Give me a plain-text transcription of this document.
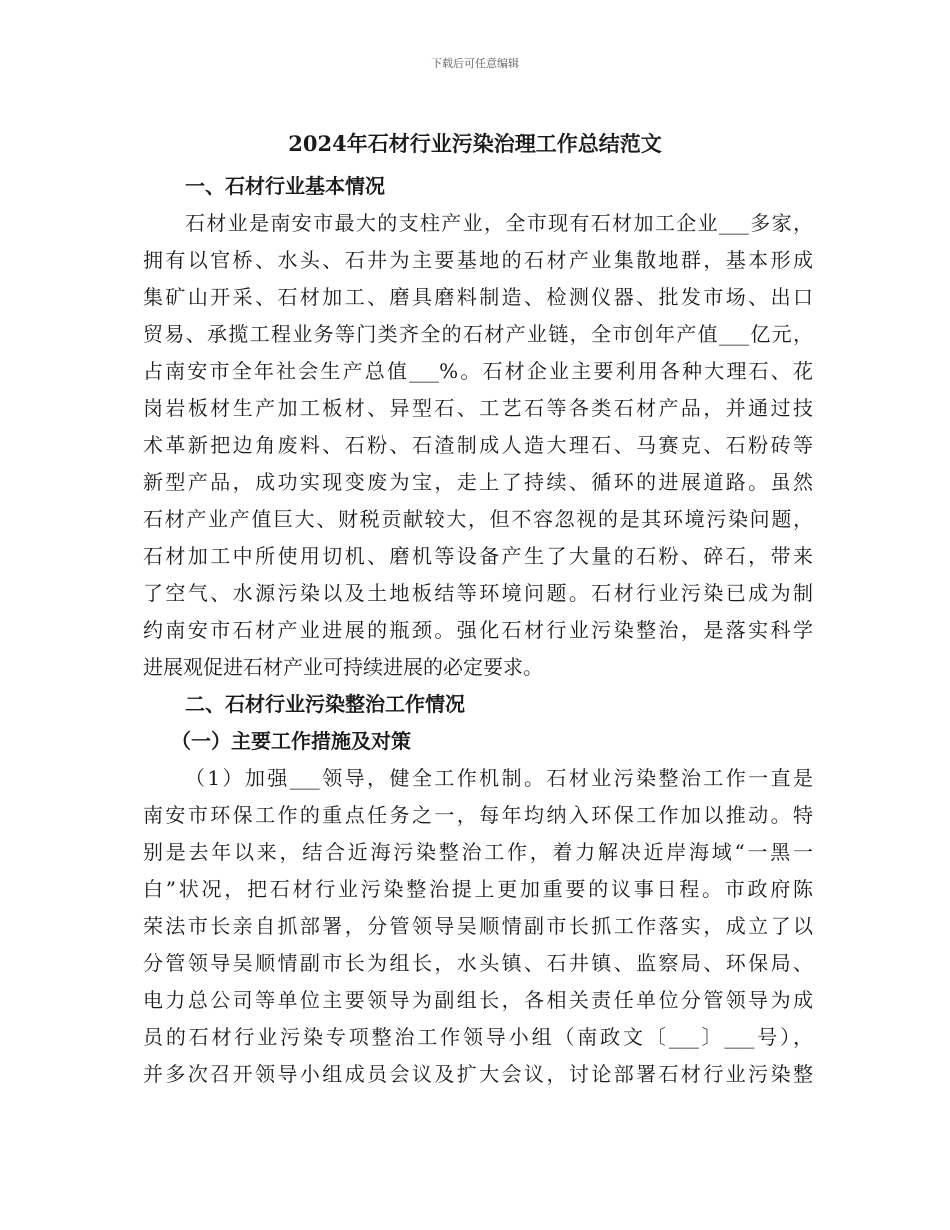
下载后可任意编辑
2024年石材行业污染治理工作总结范文
一、石材行业基本情况
石材业是南安市最大的支柱产业，全市现有石材加工企业___多家，
拥有以官桥、水头、石井为主要基地的石材产业集散地群，基本形成
集矿山开采、石材加工、磨具磨料制造、检测仪器、批发市场、出口
贸易、承揽工程业务等门类齐全的石材产业链，全市创年产值___亿元，
占南安市全年社会生产总值___%。石材企业主要利用各种大理石、花
岗岩板材生产加工板材、异型石、工艺石等各类石材产品，并通过技
术革新把边角废料、石粉、石渣制成人造大理石、马赛克、石粉砖等
新型产品，成功实现变废为宝，走上了持续、循环的进展道路。虽然
石材产业产值巨大、财税贡献较大，但不容忽视的是其环境污染问题，
石材加工中所使用切机、磨机等设备产生了大量的石粉、碎石，带来
了空气、水源污染以及土地板结等环境问题。石材行业污染已成为制
约南安市石材产业进展的瓶颈。强化石材行业污染整治，是落实科学
进展观促进石材产业可持续进展的必定要求。
二、石材行业污染整治工作情况
（一）主要工作措施及对策
（1）加强___领导，健全工作机制。石材业污染整治工作一直是
南安市环保工作的重点任务之一，每年均纳入环保工作加以推动。特
别是去年以来，结合近海污染整治工作，着力解决近岸海域“一黑一
白”状况，把石材行业污染整治提上更加重要的议事日程。市政府陈
荣法市长亲自抓部署，分管领导吴顺情副市长抓工作落实，成立了以
分管领导吴顺情副市长为组长，水头镇、石井镇、监察局、环保局、
电力总公司等单位主要领导为副组长，各相关责任单位分管领导为成
员的石材行业污染专项整治工作领导小组（南政文〔___〕___号），
并多次召开领导小组成员会议及扩大会议，讨论部署石材行业污染整
